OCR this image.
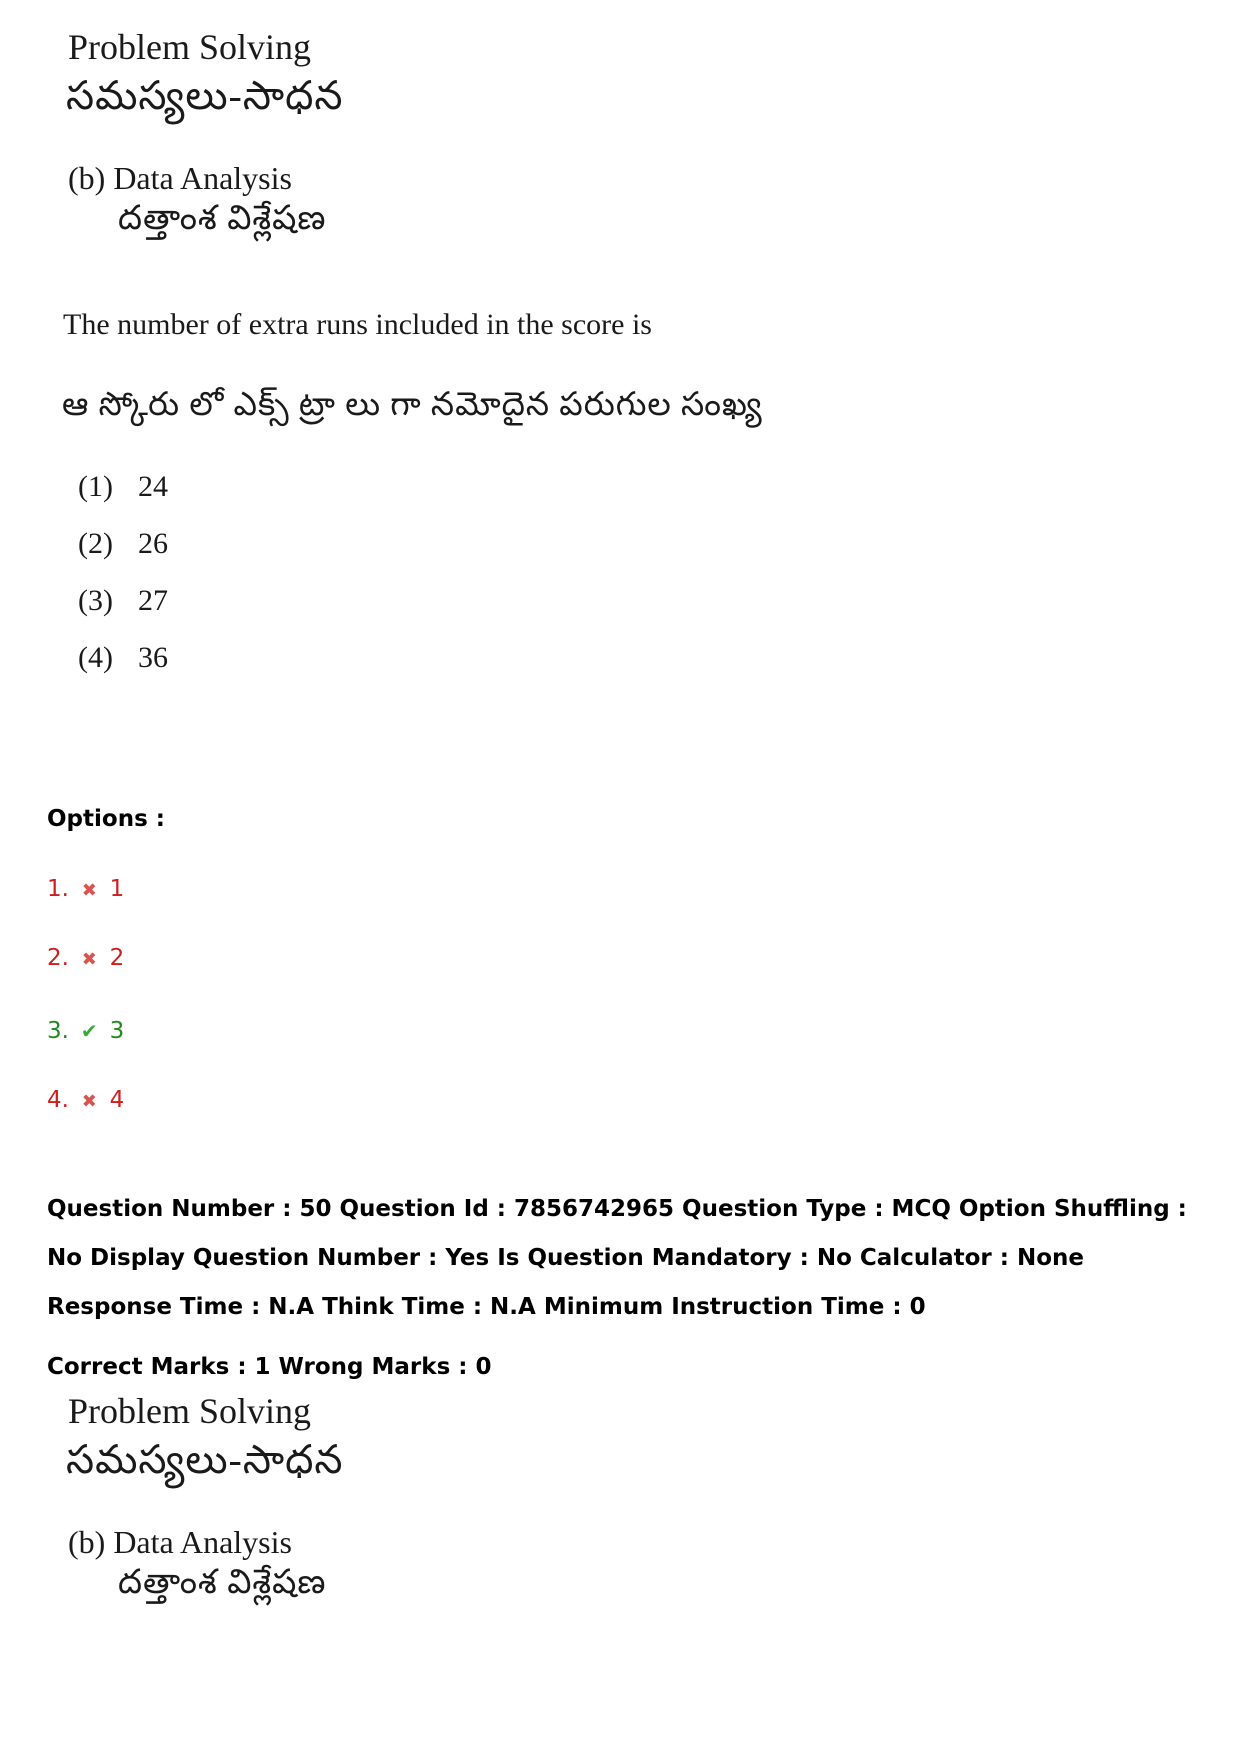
Problem Solving
సమస్యలు-సాధన
(b) Data Analysis
దత్తాంశ విశ్లేషణ
The number of extra runs included in the score is
ఆ స్కోరు లో ఎక్స్ ట్రా లు గా నమోదైన పరుగుల సంఖ్య
(1) 24
(2) 26
(3) 27
(4) 36
Options :
1. ✖ 1
2. ✖ 2
3. ✔ 3
4. ✖ 4
Question Number : 50 Question Id : 7856742965 Question Type : MCQ Option Shuffling : No Display Question Number : Yes Is Question Mandatory : No Calculator : None Response Time : N.A Think Time : N.A Minimum Instruction Time : 0
Correct Marks : 1 Wrong Marks : 0
Problem Solving
సమస్యలు-సాధన
(b) Data Analysis
దత్తాంశ విశ్లేషణ
